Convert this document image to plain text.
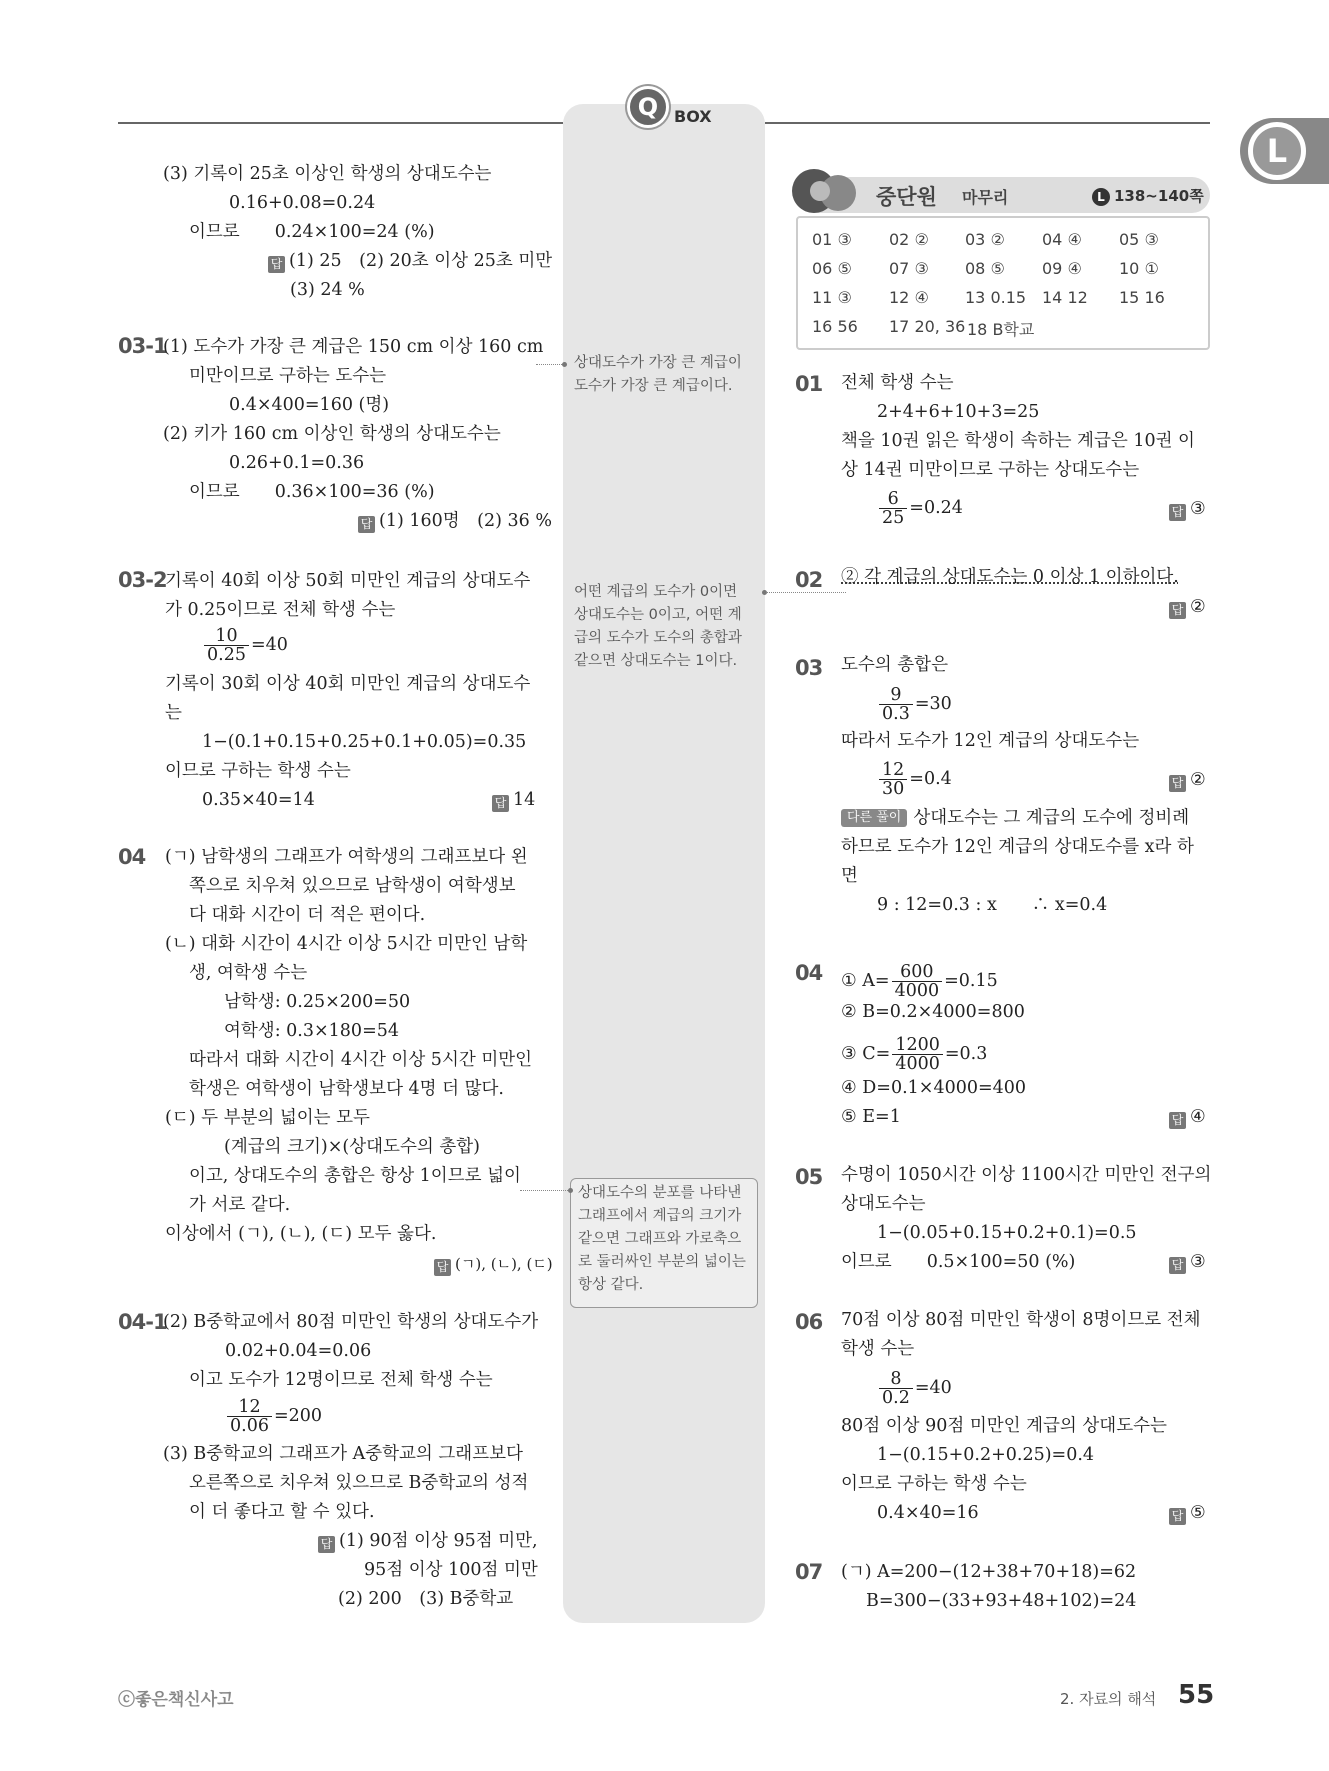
Q BOX
L
(3) 기록이 25초 이상인 학생의 상대도수는
0.16+0.08=0.24
이므로　　0.24×100=24 (%)
답 (1) 25　(2) 20초 이상 25초 미만
(3) 24 %
03-1
(1) 도수가 가장 큰 계급은 150 cm 이상 160 cm
미만이므로 구하는 도수는
0.4×400=160 (명)
(2) 키가 160 cm 이상인 학생의 상대도수는
0.26+0.1=0.36
이므로　　0.36×100=36 (%)
답 (1) 160명　(2) 36 %
03-2
기록이 40회 이상 50회 미만인 계급의 상대도수
가 0.25이므로 전체 학생 수는
$\frac{10}{0.25} =40$
기록이 30회 이상 40회 미만인 계급의 상대도수
는
1−(0.1+0.15+0.25+0.1+0.05)=0.35
이므로 구하는 학생 수는
0.35×40=14	답 14
04 (ㄱ) 남학생의 그래프가 여학생의 그래프보다 왼
쪽으로 치우쳐 있으므로 남학생이 여학생보
다 대화 시간이 더 적은 편이다.
(ㄴ) 대화 시간이 4시간 이상 5시간 미만인 남학
생, 여학생 수는
남학생: 0.25×200=50
여학생: 0.3×180=54
따라서 대화 시간이 4시간 이상 5시간 미만인
학생은 여학생이 남학생보다 4명 더 많다.
(ㄷ) 두 부분의 넓이는 모두
(계급의 크기)×(상대도수의 총합)
이고, 상대도수의 총합은 항상 1이므로 넓이
가 서로 같다.
이상에서 (ㄱ), (ㄴ), (ㄷ) 모두 옳다.
답 (ㄱ), (ㄴ), (ㄷ)
04-1
(2) B중학교에서 80점 미만인 학생의 상대도수가
0.02+0.04=0.06
이고 도수가 12명이므로 전체 학생 수는
$\frac{12}{0.06} =200$
(3) B중학교의 그래프가 A중학교의 그래프보다
오른쪽으로 치우쳐 있으므로 B중학교의 성적
이 더 좋다고 할 수 있다.
답 (1) 90점 이상 95점 미만,
95점 이상 100점 미만
(2) 200　(3) B중학교
상대도수가 가장 큰 계급이
도수가 가장 큰 계급이다.
어떤 계급의 도수가 0이면
상대도수는 0이고, 어떤 계
급의 도수가 도수의 총합과
같으면 상대도수는 1이다.
상대도수의 분포를 나타낸
그래프에서 계급의 크기가
같으면 그래프와 가로축으
로 둘러싸인 부분의 넓이는
항상 같다.
중단원 마무리	L 138~140쪽
01 ③ 02 ② 03 ② 04 ④ 05 ③
06 ⑤ 07 ③ 08 ⑤ 09 ④ 10 ①
11 ③ 12 ④ 13 0.15 14 12 15 16
16 56 17 20, 36 18 B학교
01 전체 학생 수는
2+4+6+10+3=25
책을 10권 읽은 학생이 속하는 계급은 10권 이
상 14권 미만이므로 구하는 상대도수는
$\frac{6}{25} =0.24$	답 ③
02 ② 각 계급의 상대도수는 0 이상 1 이하이다.
답 ②
03 도수의 총합은
$\frac{9}{0.3} =30$
따라서 도수가 12인 계급의 상대도수는
$\frac{12}{30} =0.4$	답 ②
다른 풀이 상대도수는 그 계급의 도수에 정비례
하므로 도수가 12인 계급의 상대도수를 x라 하
면
9 : 12=0.3 : x　　∴ x=0.4
04 ① $A= \frac{600}{4000} =0.15$
② B=0.2×4000=800
③ $C= \frac{1200}{4000} =0.3$
④ D=0.1×4000=400
⑤ E=1	답 ④
05 수명이 1050시간 이상 1100시간 미만인 전구의
상대도수는
1−(0.05+0.15+0.2+0.1)=0.5
이므로　　0.5×100=50 (%)	답 ③
06 70점 이상 80점 미만인 학생이 8명이므로 전체
학생 수는
$\frac{8}{0.2} =40$
80점 이상 90점 미만인 계급의 상대도수는
1−(0.15+0.2+0.25)=0.4
이므로 구하는 학생 수는
0.4×40=16	답 ⑤
07 (ㄱ) A=200−(12+38+70+18)=62
B=300−(33+93+48+102)=24
ⓒ좋은책신사고	2. 자료의 해석 55
